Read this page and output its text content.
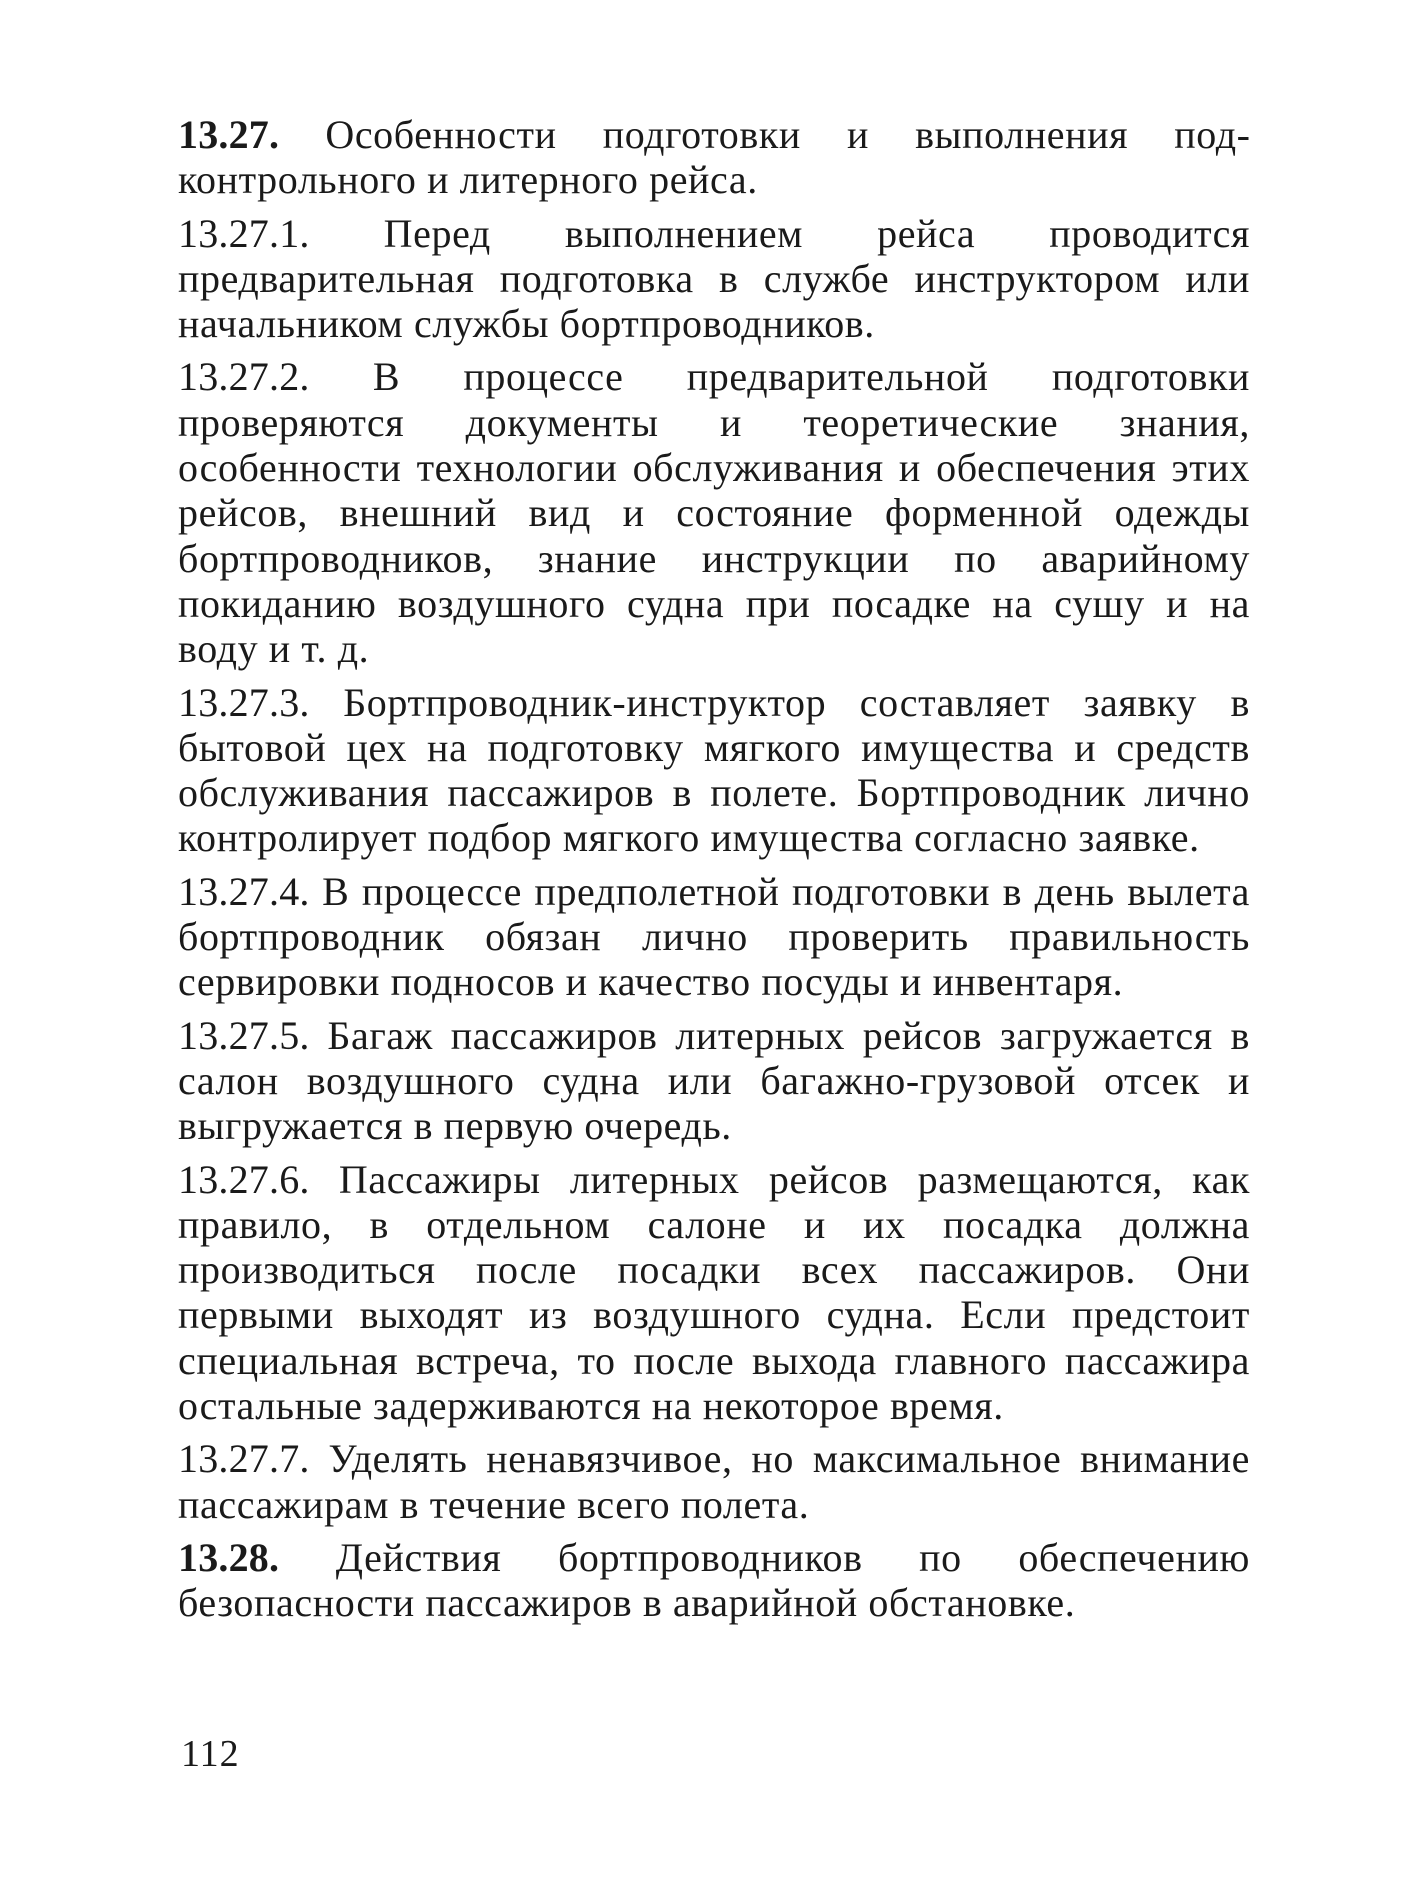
13.27. Особенности подготовки и выполнения подконтрольного и литерного рейса.

13.27.1. Перед выполнением рейса проводится предварительная подготовка в службе инструктором или начальником службы бортпроводников.

13.27.2. В процессе предварительной подготовки проверяются документы и теоретические знания, особенности технологии обслуживания и обеспечения этих рейсов, внешний вид и состояние форменной одежды бортпроводников, знание инструкции по аварийному покиданию воздушного судна при посадке на сушу и на воду и т. д.

13.27.3. Бортпроводник-инструктор составляет заявку в бытовой цех на подготовку мягкого имущества и средств обслуживания пассажиров в полете. Бортпроводник лично контролирует подбор мягкого имущества согласно заявке.

13.27.4. В процессе предполетной подготовки в день вылета бортпроводник обязан лично проверить правильность сервировки подносов и качество посуды и инвентаря.

13.27.5. Багаж пассажиров литерных рейсов загружается в салон воздушного судна или багажно-грузовой отсек и выгружается в первую очередь.

13.27.6. Пассажиры литерных рейсов размещаются, как правило, в отдельном салоне и их посадка должна производиться после посадки всех пассажиров. Они первыми выходят из воздушного судна. Если предстоит специальная встреча, то после выхода главного пассажира остальные задерживаются на некоторое время.

13.27.7. Уделять ненавязчивое, но максимальное внимание пассажирам в течение всего полета.

13.28. Действия бортпроводников по обеспечению безопасности пассажиров в аварийной обстановке.

112
